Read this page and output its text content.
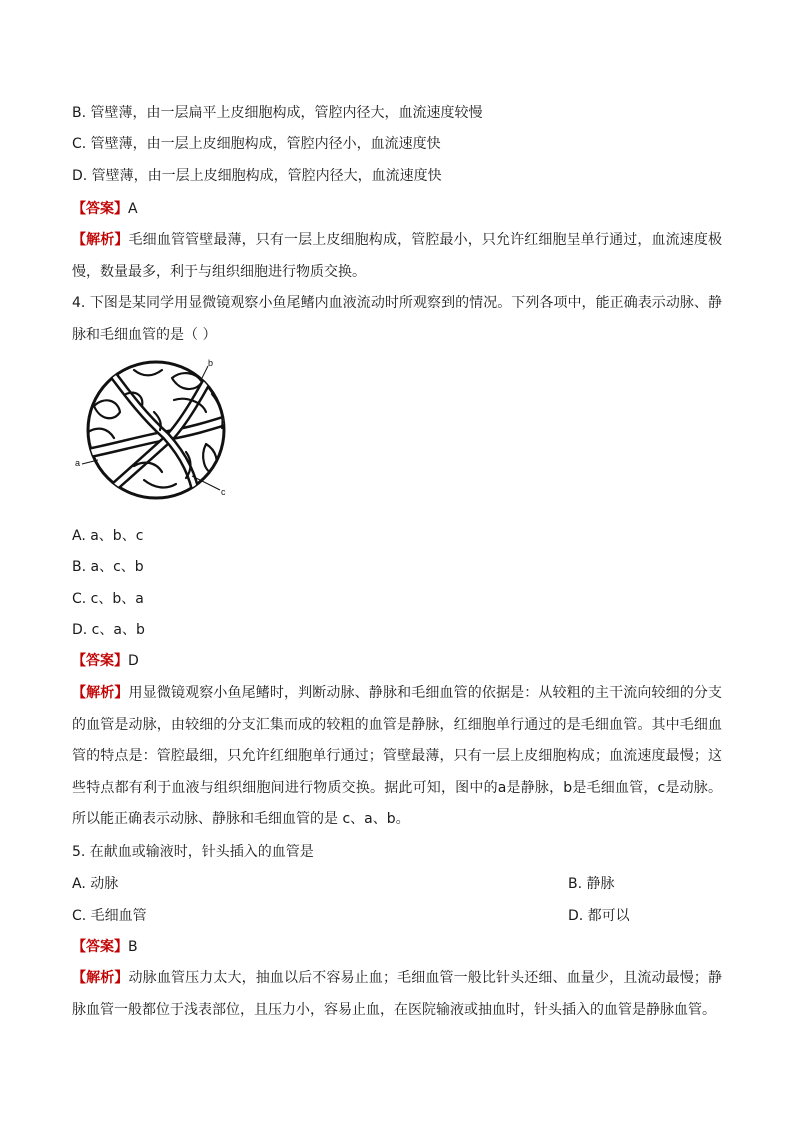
B. 管壁薄，由一层扁平上皮细胞构成，管腔内径大，血流速度较慢
C. 管壁薄，由一层上皮细胞构成，管腔内径小，血流速度快
D. 管壁薄，由一层上皮细胞构成，管腔内径大，血流速度快
【答案】A
【解析】毛细血管管壁最薄，只有一层上皮细胞构成，管腔最小，只允许红细胞呈单行通过，血流速度极慢，数量最多，利于与组织细胞进行物质交换。
4. 下图是某同学用显微镜观察小鱼尾鳍内血液流动时所观察到的情况。下列各项中，能正确表示动脉、静脉和毛细血管的是（ ）
b
a
c
A. a、b、c
B. a、c、b
C. c、b、a
D. c、a、b
【答案】D
【解析】用显微镜观察小鱼尾鳍时，判断动脉、静脉和毛细血管的依据是：从较粗的主干流向较细的分支的血管是动脉，由较细的分支汇集而成的较粗的血管是静脉，红细胞单行通过的是毛细血管。其中毛细血管的特点是：管腔最细，只允许红细胞单行通过；管壁最薄，只有一层上皮细胞构成；血流速度最慢；这些特点都有利于血液与组织细胞间进行物质交换。据此可知，图中的a是静脉，b是毛细血管，c是动脉。所以能正确表示动脉、静脉和毛细血管的是 c、a、b。
5. 在献血或输液时，针头插入的血管是
A. 动脉	B. 静脉
C. 毛细血管	D. 都可以
【答案】B
【解析】动脉血管压力太大，抽血以后不容易止血；毛细血管一般比针头还细、血量少，且流动最慢；静脉血管一般都位于浅表部位，且压力小，容易止血，在医院输液或抽血时，针头插入的血管是静脉血管。
